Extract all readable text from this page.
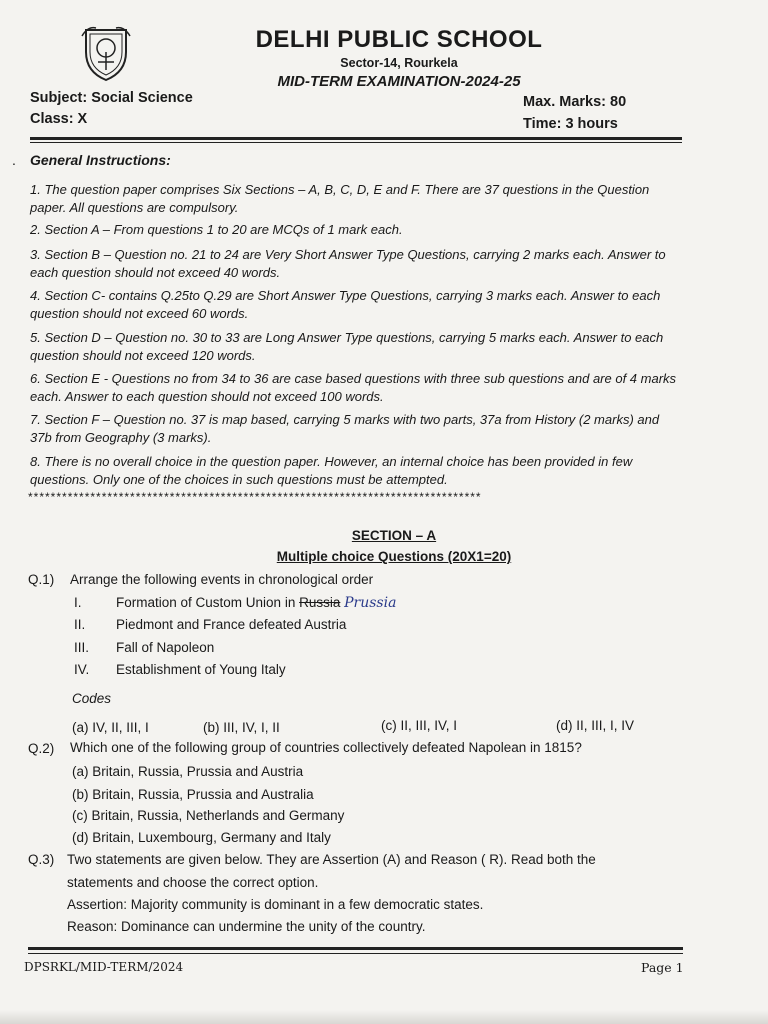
DELHI PUBLIC SCHOOL
Sector-14, Rourkela
MID-TERM EXAMINATION-2024-25
Subject: Social Science
Class: X
Max. Marks: 80
Time: 3 hours
. General Instructions:
1. The question paper comprises Six Sections – A, B, C, D, E and F. There are 37 questions in the Question paper. All questions are compulsory.
2. Section A – From questions 1 to 20 are MCQs of 1 mark each.
3. Section B – Question no. 21 to 24 are Very Short Answer Type Questions, carrying 2 marks each. Answer to each question should not exceed 40 words.
4. Section C- contains Q.25to Q.29 are Short Answer Type Questions, carrying 3 marks each. Answer to each question should not exceed 60 words.
5. Section D – Question no. 30 to 33 are Long Answer Type questions, carrying 5 marks each. Answer to each question should not exceed 120 words.
6. Section E - Questions no from 34 to 36 are case based questions with three sub questions and are of 4 marks each. Answer to each question should not exceed 100 words.
7. Section F – Question no. 37 is map based, carrying 5 marks with two parts, 37a from History (2 marks) and 37b from Geography (3 marks).
8. There is no overall choice in the question paper. However, an internal choice has been provided in few questions. Only one of the choices in such questions must be attempted.
********************************************************************************
SECTION – A
Multiple choice Questions (20X1=20)
Q.1) Arrange the following events in chronological order
I.	Formation of Custom Union in Russia Prussia
II. Piedmont and France defeated Austria
III. Fall of Napoleon
IV. Establishment of Young Italy
Codes
(a) IV, II, III, I	(b) III, IV, I, II	(c) II, III, IV, I	(d) II, III, I, IV
Q.2) Which one of the following group of countries collectively defeated Napolean in 1815?
(a) Britain, Russia, Prussia and Austria
(b) Britain, Russia, Prussia and Australia
(c) Britain, Russia, Netherlands and Germany
(d) Britain, Luxembourg, Germany and Italy
Q.3) Two statements are given below. They are Assertion (A) and Reason ( R). Read both the
statements and choose the correct option.
Assertion: Majority community is dominant in a few democratic states.
Reason: Dominance can undermine the unity of the country.
DPSRKL/MID-TERM/2024	Page 1
